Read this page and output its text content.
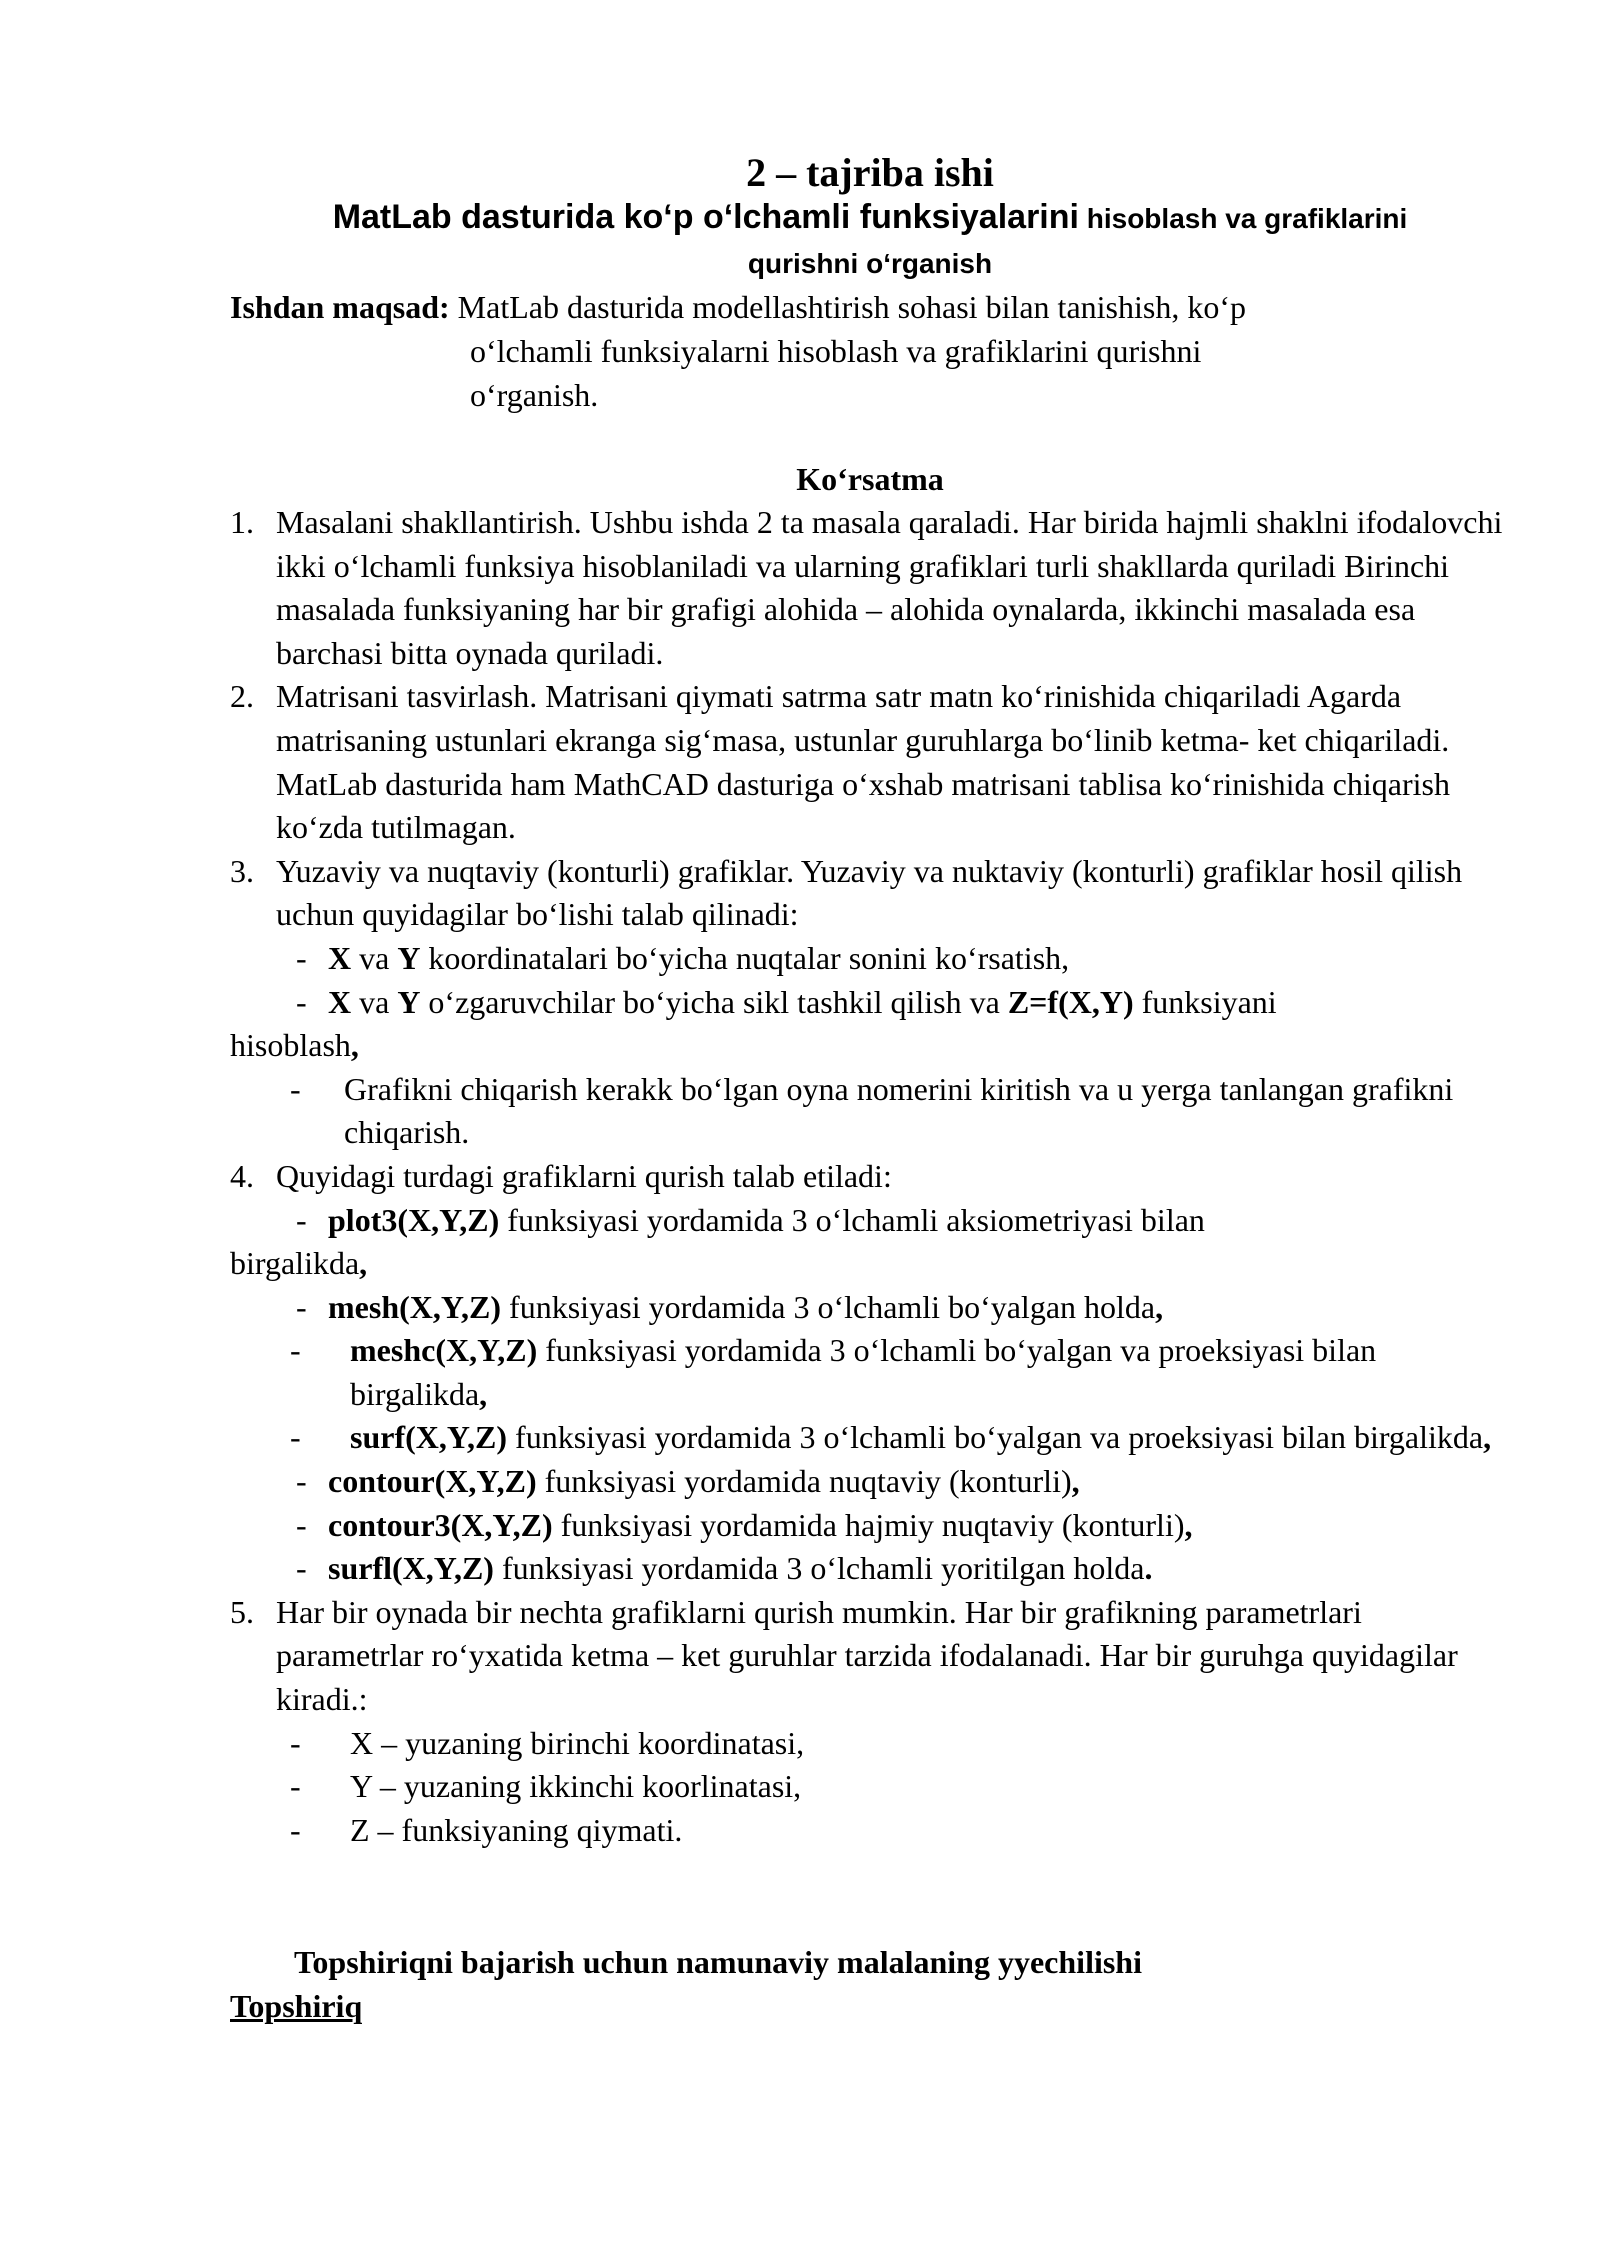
2 – tajriba ishi
MatLab dasturida ko‘p o‘lchamli funksiyalarini hisoblash va grafiklarini
qurishni o‘rganish
Ishdan maqsad: MatLab dasturida modellashtirish sohasi bilan tanishish, ko‘p
o‘lchamli funksiyalarni hisoblash va grafiklarini qurishni
o‘rganish.
Ko‘rsatma
1. Masalani shakllantirish. Ushbu ishda 2 ta masala qaraladi. Har birida hajmli shaklni ifodalovchi ikki o‘lchamli funksiya hisoblaniladi va ularning grafiklari turli shakllarda quriladi Birinchi masalada funksiyaning har bir grafigi alohida – alohida oynalarda, ikkinchi masalada esa barchasi bitta oynada quriladi.
2. Matrisani tasvirlash. Matrisani qiymati satrma satr matn ko‘rinishida chiqariladi Agarda matrisaning ustunlari ekranga sig‘masa, ustunlar guruhlarga bo‘linib ketma- ket chiqariladi. MatLab dasturida ham MathCAD dasturiga o‘xshab matrisani tablisa ko‘rinishida chiqarish ko‘zda tutilmagan.
3. Yuzaviy va nuqtaviy (konturli) grafiklar. Yuzaviy va nuktaviy (konturli) grafiklar hosil qilish uchun quyidagilar bo‘lishi talab qilinadi:
- X va Y koordinatalari bo‘yicha nuqtalar sonini ko‘rsatish,
- X va Y o‘zgaruvchilar bo‘yicha sikl tashkil qilish va Z=f(X,Y) funksiyani
hisoblash,
- Grafikni chiqarish kerakk bo‘lgan oyna nomerini kiritish va u yerga tanlangan grafikni chiqarish.
4. Quyidagi turdagi grafiklarni qurish talab etiladi:
- plot3(X,Y,Z) funksiyasi yordamida 3 o‘lchamli aksiometriyasi bilan
birgalikda,
- mesh(X,Y,Z) funksiyasi yordamida 3 o‘lchamli bo‘yalgan holda,
- meshc(X,Y,Z) funksiyasi yordamida 3 o‘lchamli bo‘yalgan va proeksiyasi bilan birgalikda,
- surf(X,Y,Z) funksiyasi yordamida 3 o‘lchamli bo‘yalgan va proeksiyasi bilan birgalikda,
- contour(X,Y,Z) funksiyasi yordamida nuqtaviy (konturli),
- contour3(X,Y,Z) funksiyasi yordamida hajmiy nuqtaviy (konturli),
- surfl(X,Y,Z) funksiyasi yordamida 3 o‘lchamli yoritilgan holda.
5. Har bir oynada bir nechta grafiklarni qurish mumkin. Har bir grafikning parametrlari parametrlar ro‘yxatida ketma – ket guruhlar tarzida ifodalanadi. Har bir guruhga quyidagilar kiradi.:
- X – yuzaning birinchi koordinatasi,
- Y – yuzaning ikkinchi koorlinatasi,
- Z – funksiyaning qiymati.
Topshiriqni bajarish uchun namunaviy malalaning yyechilishi
Topshiriq
